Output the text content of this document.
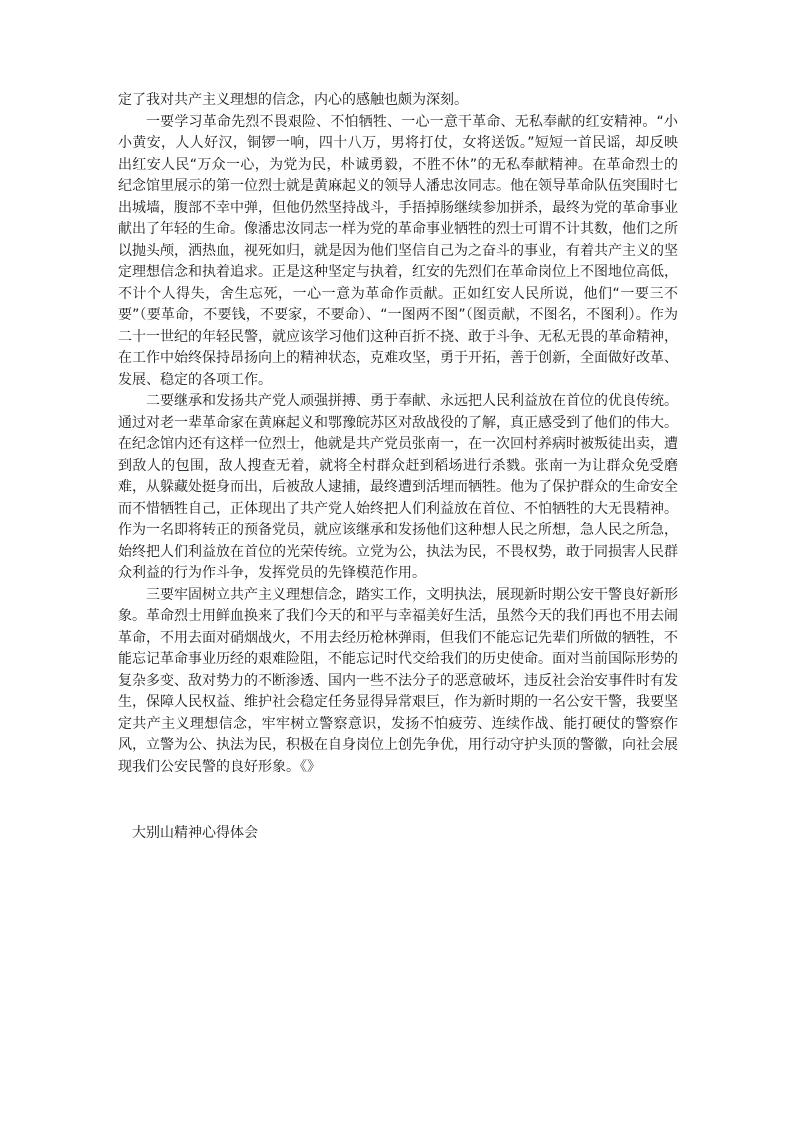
定了我对共产主义理想的信念，内心的感触也颇为深刻。

一要学习革命先烈不畏艰险、不怕牺牲、一心一意干革命、无私奉献的红安精神。“小小黄安，人人好汉，铜锣一响，四十八万，男将打仗，女将送饭。”短短一首民谣，却反映出红安人民“万众一心，为党为民，朴诚勇毅，不胜不休”的无私奉献精神。在革命烈士的纪念馆里展示的第一位烈士就是黄麻起义的领导人潘忠汝同志。他在领导革命队伍突围时七出城墙，腹部不幸中弹，但他仍然坚持战斗，手捂掉肠继续参加拼杀，最终为党的革命事业献出了年轻的生命。像潘忠汝同志一样为党的革命事业牺牲的烈士可谓不计其数，他们之所以抛头颅，洒热血，视死如归，就是因为他们坚信自己为之奋斗的事业，有着共产主义的坚定理想信念和执着追求。正是这种坚定与执着，红安的先烈们在革命岗位上不图地位高低，不计个人得失，舍生忘死，一心一意为革命作贡献。正如红安人民所说，他们“一要三不要”（要革命，不要钱，不要家，不要命）、“一图两不图”（图贡献，不图名，不图利）。作为二十一世纪的年轻民警，就应该学习他们这种百折不挠、敢于斗争、无私无畏的革命精神，在工作中始终保持昂扬向上的精神状态，克难攻坚，勇于开拓，善于创新，全面做好改革、发展、稳定的各项工作。

二要继承和发扬共产党人顽强拼搏、勇于奉献、永远把人民利益放在首位的优良传统。通过对老一辈革命家在黄麻起义和鄂豫皖苏区对敌战役的了解，真正感受到了他们的伟大。在纪念馆内还有这样一位烈士，他就是共产党员张南一，在一次回村养病时被叛徒出卖，遭到敌人的包围，敌人搜查无着，就将全村群众赶到稻场进行杀戮。张南一为让群众免受磨难，从躲藏处挺身而出，后被敌人逮捕，最终遭到活埋而牺牲。他为了保护群众的生命安全而不惜牺牲自己，正体现出了共产党人始终把人们利益放在首位、不怕牺牲的大无畏精神。作为一名即将转正的预备党员，就应该继承和发扬他们这种想人民之所想，急人民之所急，始终把人们利益放在首位的光荣传统。立党为公，执法为民，不畏权势，敢于同损害人民群众利益的行为作斗争，发挥党员的先锋模范作用。

三要牢固树立共产主义理想信念，踏实工作，文明执法，展现新时期公安干警良好新形象。革命烈士用鲜血换来了我们今天的和平与幸福美好生活，虽然今天的我们再也不用去闹革命，不用去面对硝烟战火，不用去经历枪林弹雨，但我们不能忘记先辈们所做的牺牲，不能忘记革命事业历经的艰难险阻，不能忘记时代交给我们的历史使命。面对当前国际形势的复杂多变、敌对势力的不断渗透、国内一些不法分子的恶意破坏，违反社会治安事件时有发生，保障人民权益、维护社会稳定任务显得异常艰巨，作为新时期的一名公安干警，我要坚定共产主义理想信念，牢牢树立警察意识，发扬不怕疲劳、连续作战、能打硬仗的警察作风，立警为公、执法为民，积极在自身岗位上创先争优，用行动守护头顶的警徽，向社会展现我们公安民警的良好形象。《》

大别山精神心得体会
